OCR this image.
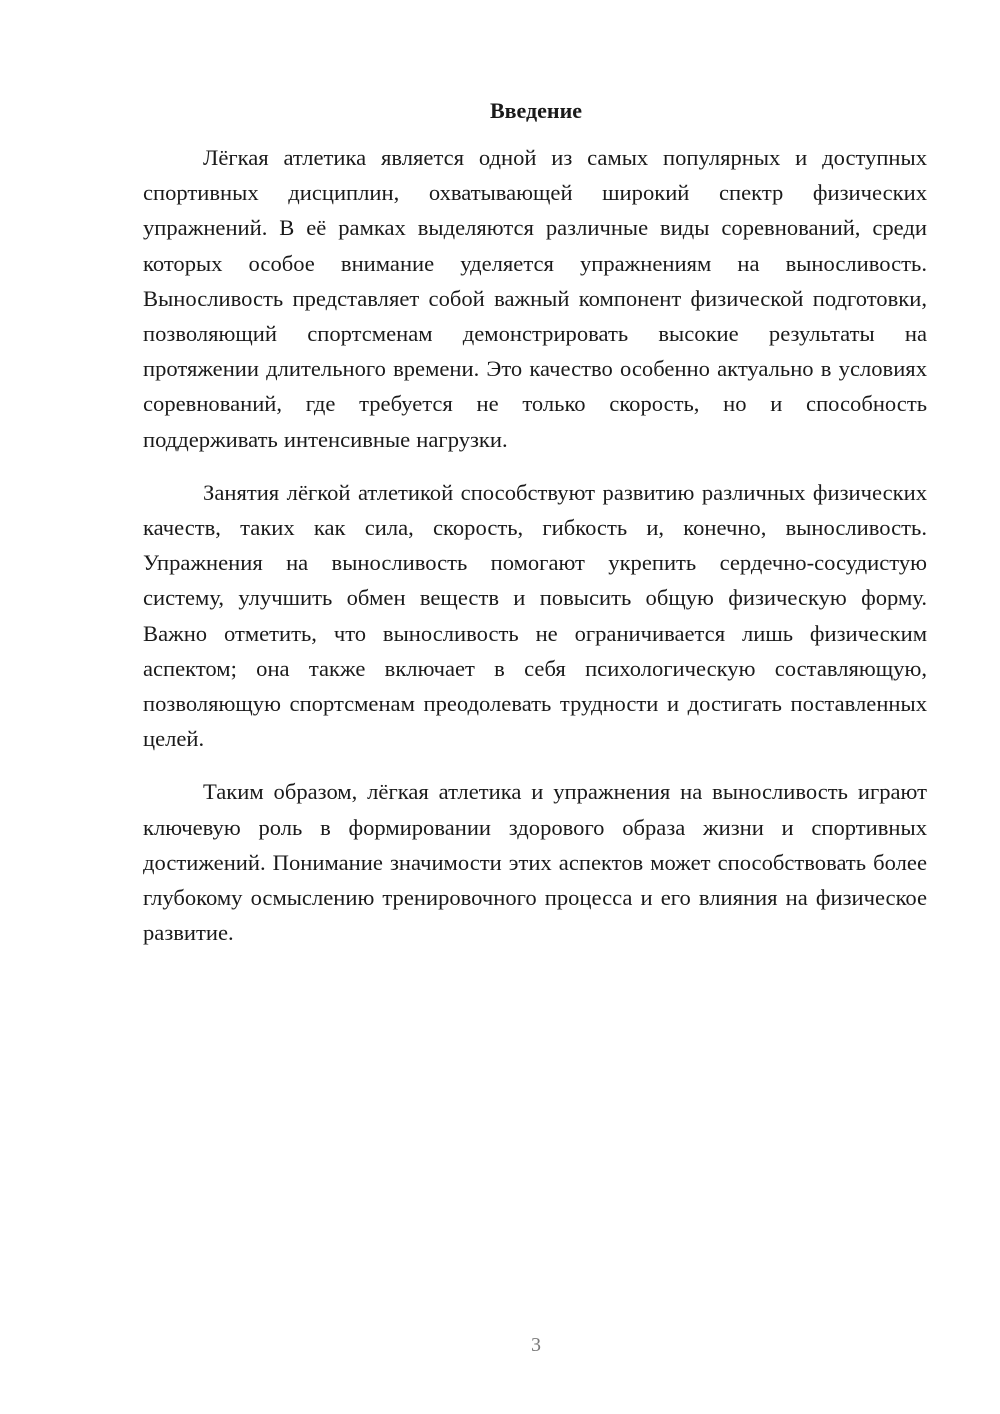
Введение

Лёгкая атлетика является одной из самых популярных и доступных спортивных дисциплин, охватывающей широкий спектр физических упражнений. В её рамках выделяются различные виды соревнований, среди которых особое внимание уделяется упражнениям на выносливость. Выносливость представляет собой важный компонент физической подготовки, позволяющий спортсменам демонстрировать высокие результаты на протяжении длительного времени. Это качество особенно актуально в условиях соревнований, где требуется не только скорость, но и способность поддерживать интенсивные нагрузки.

Занятия лёгкой атлетикой способствуют развитию различных физических качеств, таких как сила, скорость, гибкость и, конечно, выносливость. Упражнения на выносливость помогают укрепить сердечно-сосудистую систему, улучшить обмен веществ и повысить общую физическую форму. Важно отметить, что выносливость не ограничивается лишь физическим аспектом; она также включает в себя психологическую составляющую, позволяющую спортсменам преодолевать трудности и достигать поставленных целей.

Таким образом, лёгкая атлетика и упражнения на выносливость играют ключевую роль в формировании здорового образа жизни и спортивных достижений. Понимание значимости этих аспектов может способствовать более глубокому осмыслению тренировочного процесса и его влияния на физическое развитие.

3
